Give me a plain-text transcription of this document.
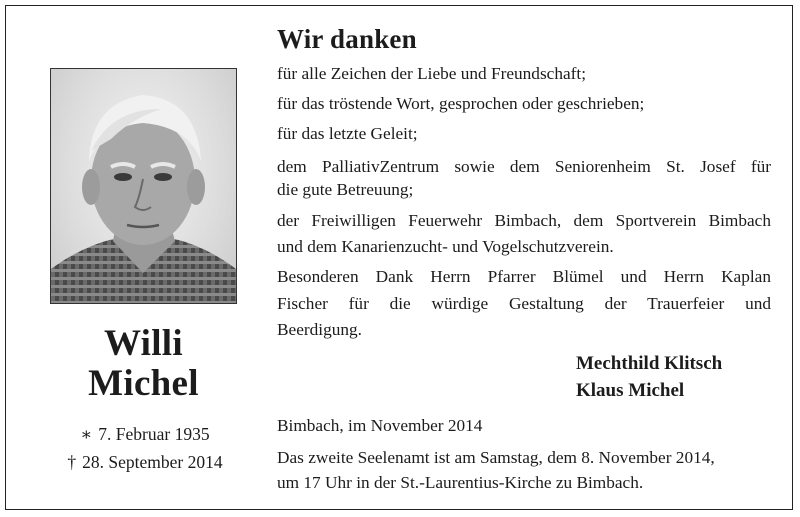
Willi
Michel
∗ 7. Februar 1935
† 28. September 2014
Wir danken
für alle Zeichen der Liebe und Freundschaft;
für das tröstende Wort, gesprochen oder geschrieben;
für das letzte Geleit;
dem PalliativZentrum sowie dem Seniorenheim St. Josef für
die gute Betreuung;
der Freiwilligen Feuerwehr Bimbach, dem Sportverein Bimbach
und dem Kanarienzucht- und Vogelschutzverein.
Besonderen Dank Herrn Pfarrer Blümel und Herrn Kaplan
Fischer für die würdige Gestaltung der Trauerfeier und
Beerdigung.
Mechthild Klitsch
Klaus Michel
Bimbach, im November 2014
Das zweite Seelenamt ist am Samstag, dem 8. November 2014,
um 17 Uhr in der St.-Laurentius-Kirche zu Bimbach.
